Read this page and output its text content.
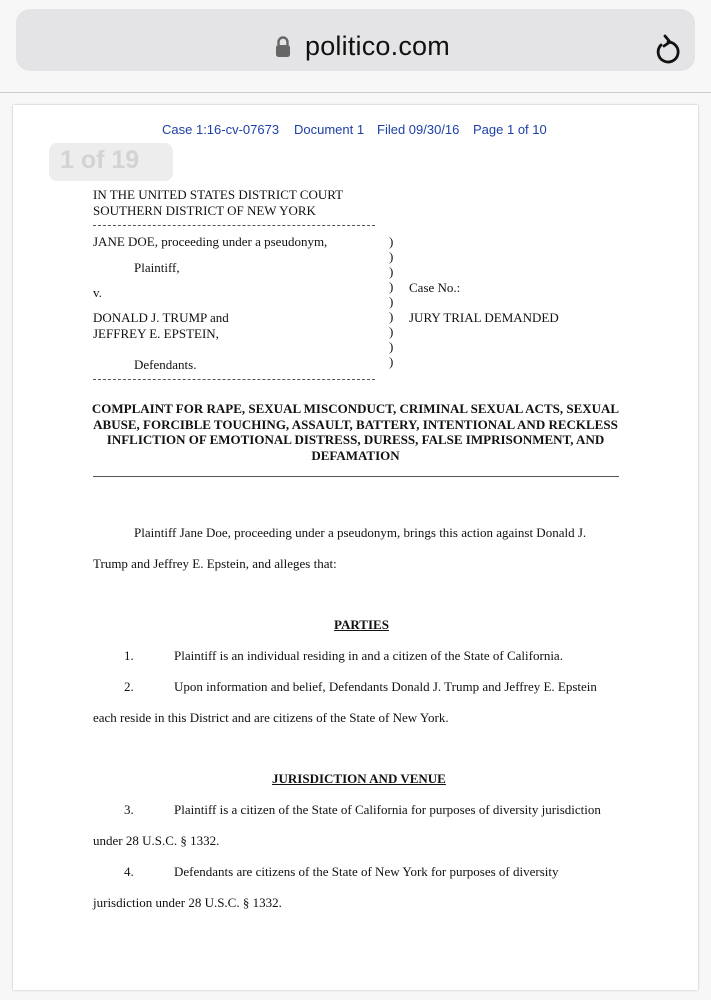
politico.com
Case 1:16-cv-07673 Document 1 Filed 09/30/16 Page 1 of 10
1 of 19
IN THE UNITED STATES DISTRICT COURT
SOUTHERN DISTRICT OF NEW YORK
JANE DOE, proceeding under a pseudonym,
Plaintiff,
v.
DONALD J. TRUMP and
JEFFREY E. EPSTEIN,
Defendants.
)
)
)
)
)
)
)
)
)
Case No.:
JURY TRIAL DEMANDED
COMPLAINT FOR RAPE, SEXUAL MISCONDUCT, CRIMINAL SEXUAL ACTS, SEXUAL ABUSE, FORCIBLE TOUCHING, ASSAULT, BATTERY, INTENTIONAL AND RECKLESS INFLICTION OF EMOTIONAL DISTRESS, DURESS, FALSE IMPRISONMENT, AND DEFAMATION
Plaintiff Jane Doe, proceeding under a pseudonym, brings this action against Donald J.
Trump and Jeffrey E. Epstein, and alleges that:
PARTIES
1.	Plaintiff is an individual residing in and a citizen of the State of California.
2.	Upon information and belief, Defendants Donald J. Trump and Jeffrey E. Epstein
each reside in this District and are citizens of the State of New York.
JURISDICTION AND VENUE
3.	Plaintiff is a citizen of the State of California for purposes of diversity jurisdiction
under 28 U.S.C. § 1332.
4.	Defendants are citizens of the State of New York for purposes of diversity
jurisdiction under 28 U.S.C. § 1332.
